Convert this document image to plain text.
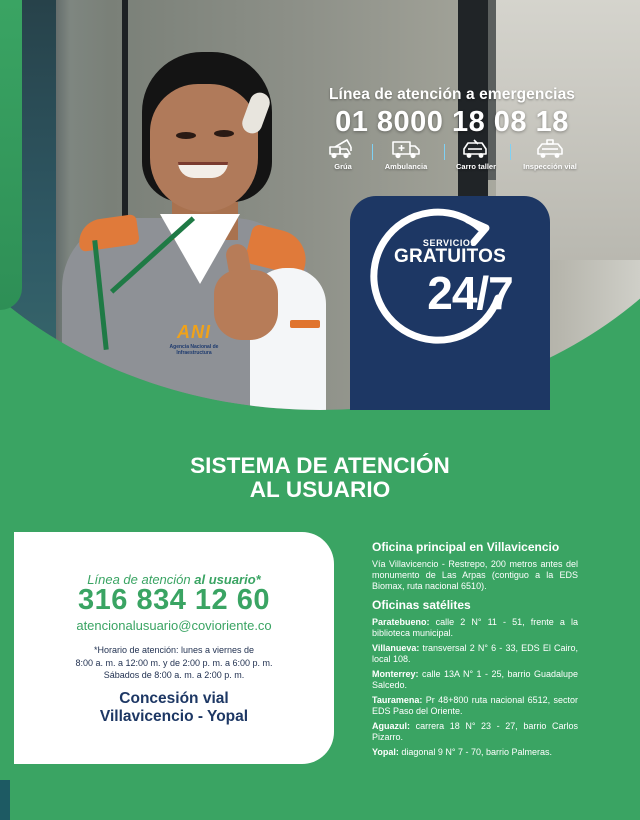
ANI
Agencia Nacional de Infraestructura
Línea de atención a emergencias
01 8000 18 08 18
Grúa	Ambulancia	Carro taller	Inspección vial
SERVICIOS
GRATUITOS
24/7
SISTEMA DE ATENCIÓN
AL USUARIO
Línea de atención al usuario*
316 834 12 60
atencionalusuario@covioriente.co
*Horario de atención: lunes a viernes de
8:00 a. m. a 12:00 m. y de 2:00 p. m. a 6:00 p. m.
Sábados de 8:00 a. m. a 2:00 p. m.
Concesión vial
Villavicencio - Yopal
Oficina principal en Villavicencio
Vía Villavicencio - Restrepo, 200 metros antes del monumento de Las Arpas (contiguo a la EDS Biomax, ruta nacional 6510).
Oficinas satélites
Paratebueno: calle 2 N° 11 - 51, frente a la biblioteca municipal.
Villanueva: transversal 2 N° 6 - 33, EDS El Cairo, local 108.
Monterrey: calle 13A N° 1 - 25, barrio Guadalupe Salcedo.
Tauramena: Pr 48+800 ruta nacional 6512, sector EDS Paso del Oriente.
Aguazul: carrera 18 N° 23 - 27, barrio Carlos Pizarro.
Yopal: diagonal 9 N° 7 - 70, barrio Palmeras.
